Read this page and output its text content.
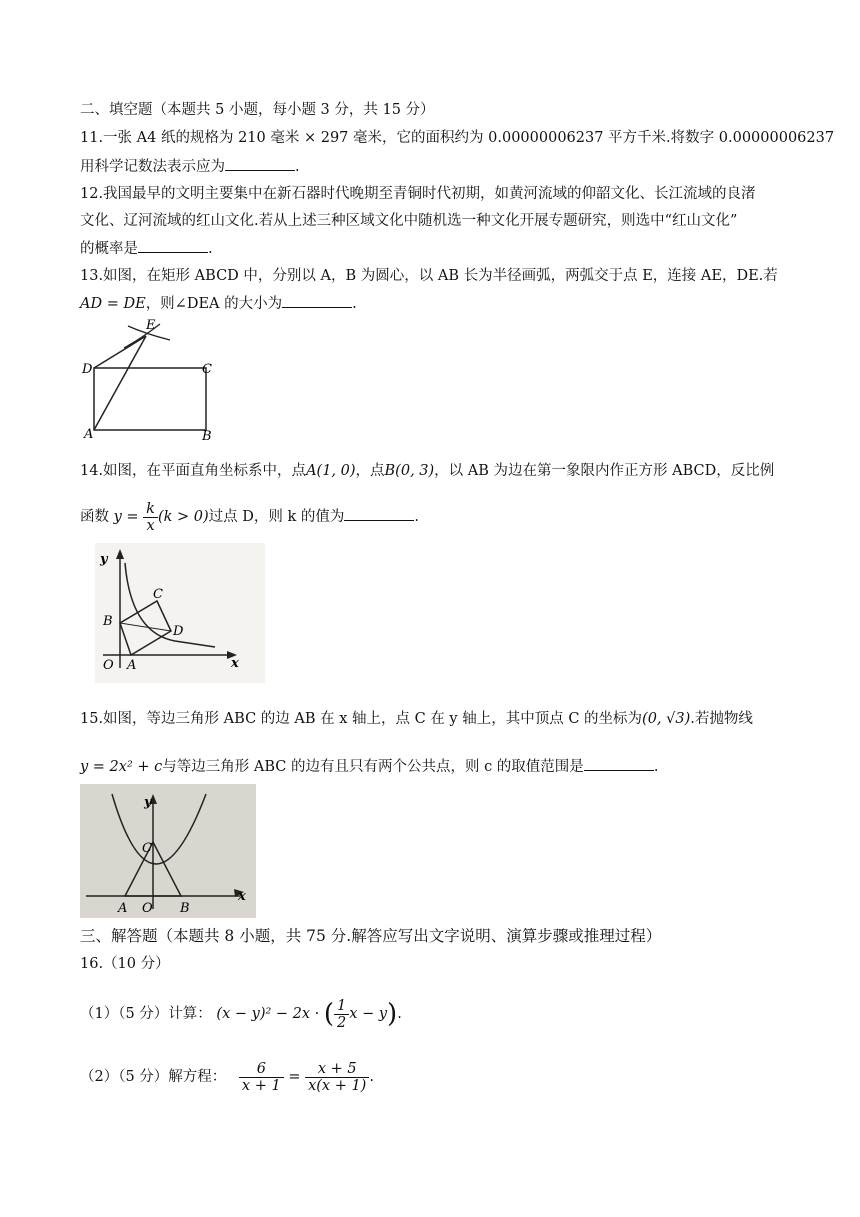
二、填空题（本题共 5 小题，每小题 3 分，共 15 分）
11.一张 A4 纸的规格为 210 毫米 × 297 毫米，它的面积约为 0.00000006237 平方千米.将数字 0.00000006237
用科学记数法表示应为	.
12.我国最早的文明主要集中在新石器时代晚期至青铜时代初期，如黄河流域的仰韶文化、长江流域的良渚
文化、辽河流域的红山文化.若从上述三种区域文化中随机选一种文化开展专题研究，则选中“红山文化”
的概率是	.
13.如图，在矩形 ABCD 中，分别以 A，B 为圆心，以 AB 长为半径画弧，两弧交于点 E，连接 AE，DE.若
AD = DE，则∠DEA 的大小为	.
E
D	C
A	B
14.如图，在平面直角坐标系中，点A(1, 0)，点B(0, 3)，以 AB 为边在第一象限内作正方形 ABCD，反比例
函数 $y = \frac{k}{x} (k > 0)$过点 D，则 k 的值为	.
y
x
O A
B
C
D
15.如图，等边三角形 ABC 的边 AB 在 x 轴上，点 C 在 y 轴上，其中顶点 C 的坐标为(0, √3).若抛物线
y = 2x² + c与等边三角形 ABC 的边有且只有两个公共点，则 c 的取值范围是	.
y
x
C
A O B
三、解答题（本题共 8 小题，共 75 分.解答应写出文字说明、演算步骤或推理过程）
16.（10 分）
（1）（5 分）计算： (x − y)² − 2x · ( $\frac{1}{2}$ x − y).
（2）（5 分）解方程： $\frac{6}{x + 1} = \frac{x + 5}{x(x + 1)}$ .
